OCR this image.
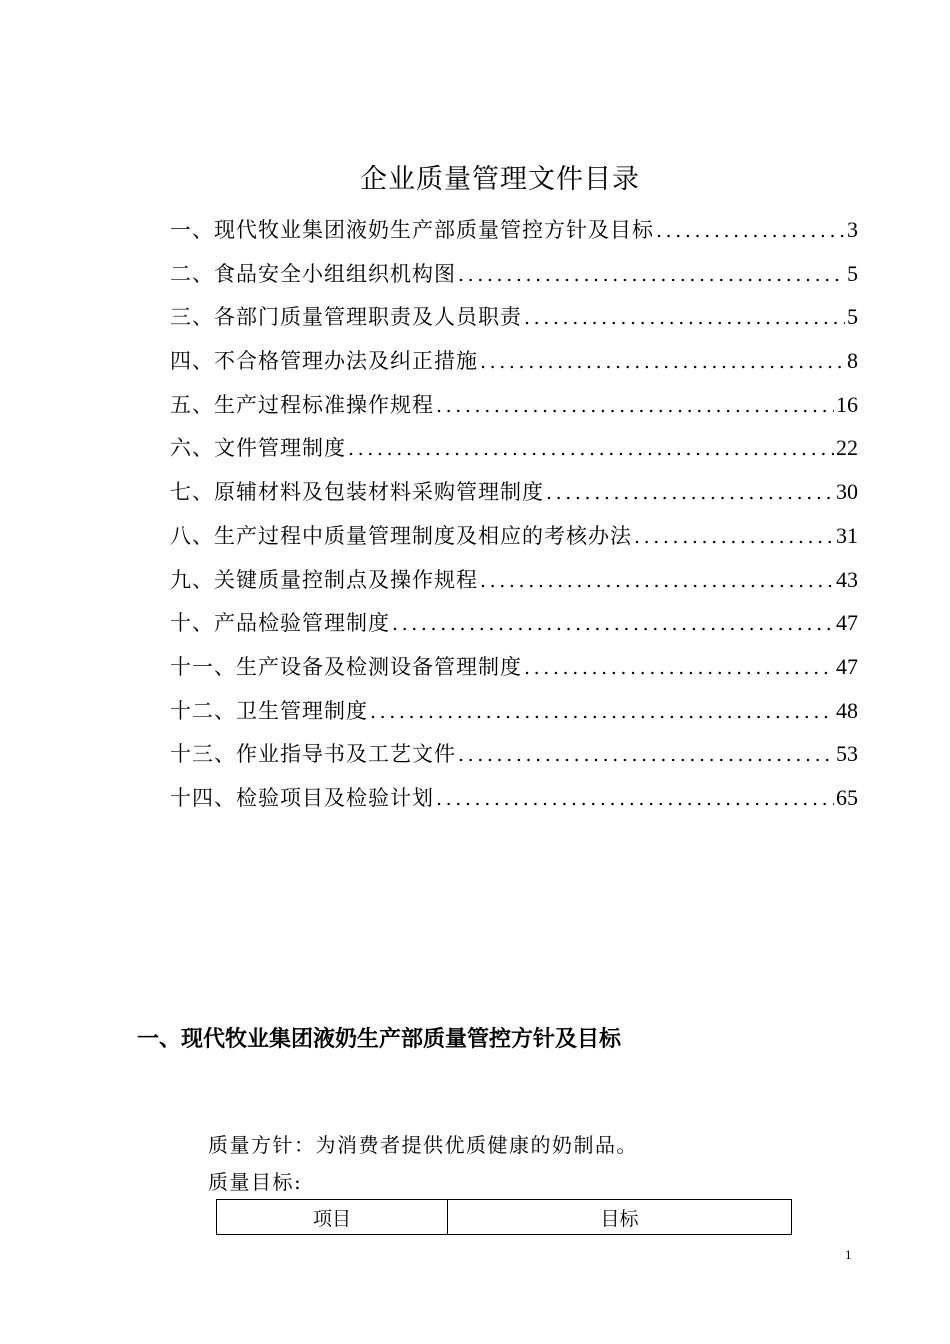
企业质量管理文件目录
一、现代牧业集团液奶生产部质量管控方针及目标 .....	3
二、食品安全小组组织机构图 .....	5
三、各部门质量管理职责及人员职责 .....	5
四、不合格管理办法及纠正措施 .....	8
五、生产过程标准操作规程 .....	16
六、文件管理制度 .....	22
七、原辅材料及包装材料采购管理制度 .....	30
八、生产过程中质量管理制度及相应的考核办法 .....	31
九、关键质量控制点及操作规程 .....	43
十、产品检验管理制度 .....	47
十一、生产设备及检测设备管理制度 .....	47
十二、卫生管理制度 .....	48
十三、作业指导书及工艺文件 .....	53
十四、检验项目及检验计划 .....	65
一、现代牧业集团液奶生产部质量管控方针及目标
质量方针：为消费者提供优质健康的奶制品。
质量目标:
项目	目标
1
